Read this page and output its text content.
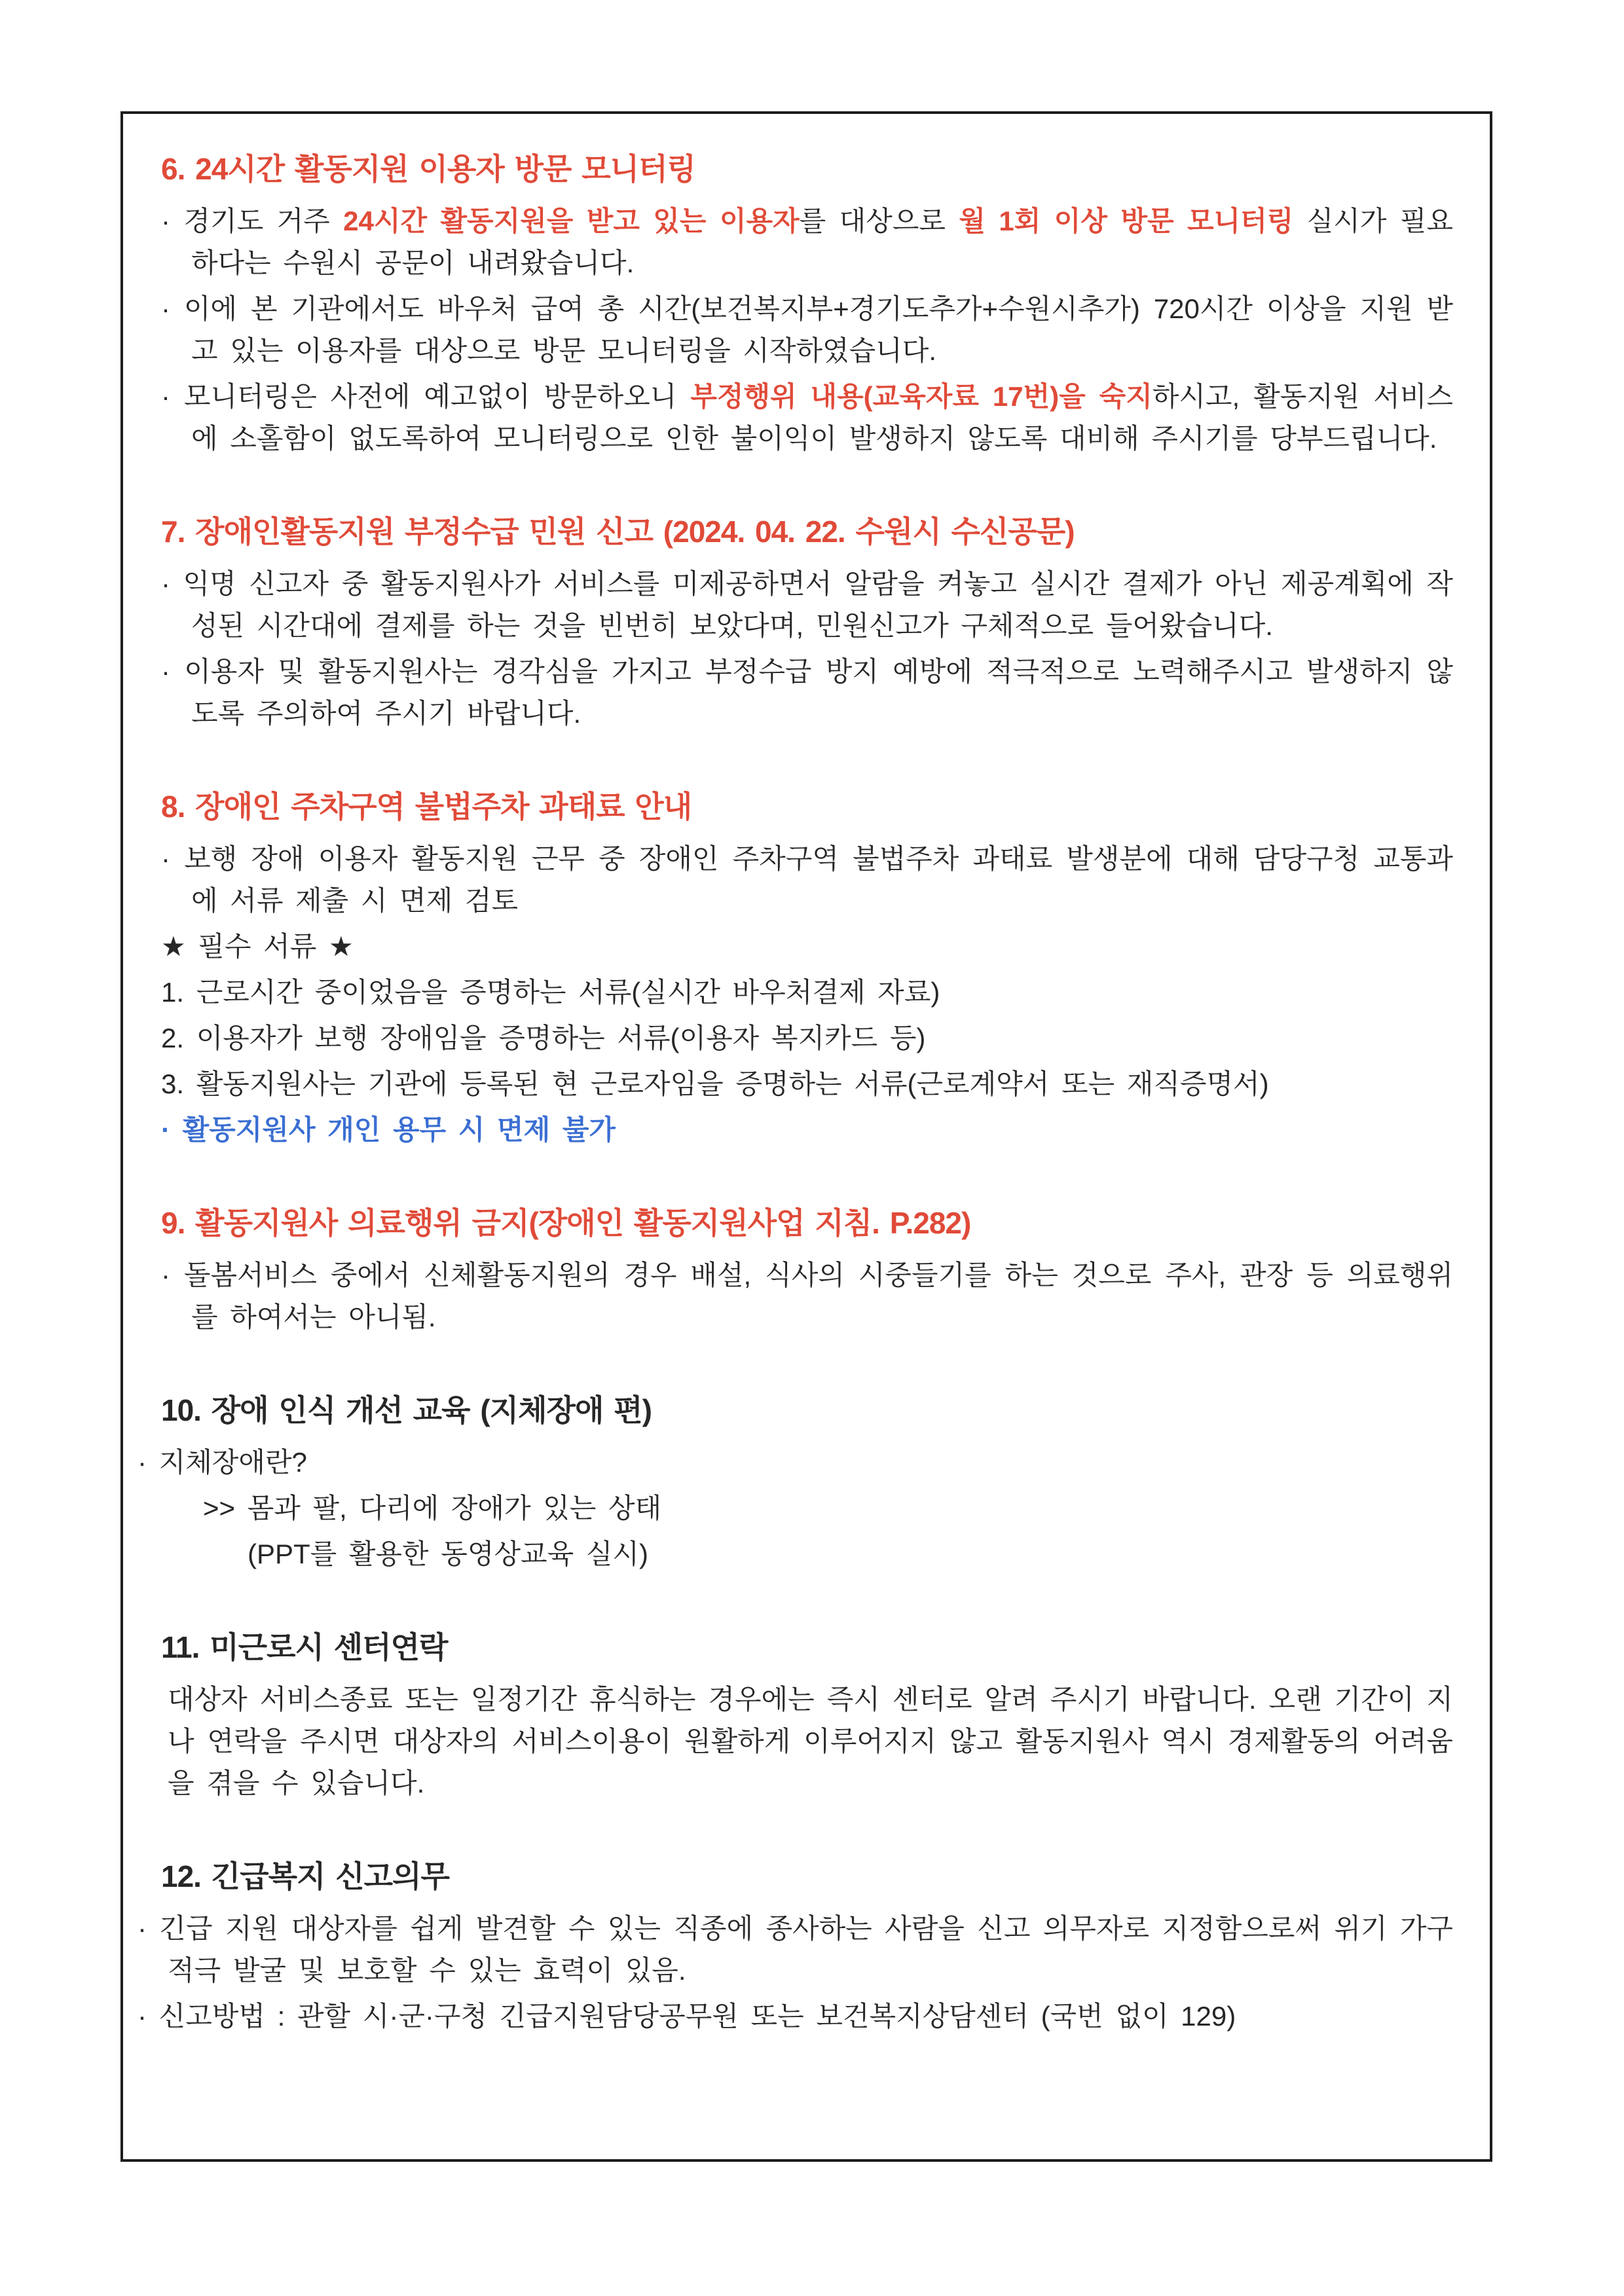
6. 24시간 활동지원 이용자 방문 모니터링

· 경기도 거주 24시간 활동지원을 받고 있는 이용자를 대상으로 월 1회 이상 방문 모니터링 실시가 필요하다는 수원시 공문이 내려왔습니다.

· 이에 본 기관에서도 바우처 급여 총 시간(보건복지부+경기도추가+수원시추가) 720시간 이상을 지원 받고 있는 이용자를 대상으로 방문 모니터링을 시작하였습니다.

· 모니터링은 사전에 예고없이 방문하오니 부정행위 내용(교육자료 17번)을 숙지하시고, 활동지원 서비스에 소홀함이 없도록하여 모니터링으로 인한 불이익이 발생하지 않도록 대비해 주시기를 당부드립니다.

7. 장애인활동지원 부정수급 민원 신고 (2024. 04. 22. 수원시 수신공문)

· 익명 신고자 중 활동지원사가 서비스를 미제공하면서 알람을 켜놓고 실시간 결제가 아닌 제공계획에 작성된 시간대에 결제를 하는 것을 빈번히 보았다며, 민원신고가 구체적으로 들어왔습니다.

· 이용자 및 활동지원사는 경각심을 가지고 부정수급 방지 예방에 적극적으로 노력해주시고 발생하지 않도록 주의하여 주시기 바랍니다.

8. 장애인 주차구역 불법주차 과태료 안내

· 보행 장애 이용자 활동지원 근무 중 장애인 주차구역 불법주차 과태료 발생분에 대해 담당구청 교통과에 서류 제출 시 면제 검토

★ 필수 서류 ★

1. 근로시간 중이었음을 증명하는 서류(실시간 바우처결제 자료)

2. 이용자가 보행 장애임을 증명하는 서류(이용자 복지카드 등)

3. 활동지원사는 기관에 등록된 현 근로자임을 증명하는 서류(근로계약서 또는 재직증명서)

· 활동지원사 개인 용무 시 면제 불가

9. 활동지원사 의료행위 금지(장애인 활동지원사업 지침. P.282)

· 돌봄서비스 중에서 신체활동지원의 경우 배설, 식사의 시중들기를 하는 것으로 주사, 관장 등 의료행위를 하여서는 아니됨.

10. 장애 인식 개선 교육 (지체장애 편)

· 지체장애란?

>> 몸과 팔, 다리에 장애가 있는 상태

(PPT를 활용한 동영상교육 실시)

11. 미근로시 센터연락

대상자 서비스종료 또는 일정기간 휴식하는 경우에는 즉시 센터로 알려 주시기 바랍니다. 오랜 기간이 지나 연락을 주시면 대상자의 서비스이용이 원활하게 이루어지지 않고 활동지원사 역시 경제활동의 어려움을 겪을 수 있습니다.

12. 긴급복지 신고의무

· 긴급 지원 대상자를 쉽게 발견할 수 있는 직종에 종사하는 사람을 신고 의무자로 지정함으로써 위기 가구 적극 발굴 및 보호할 수 있는 효력이 있음.

· 신고방법 : 관할 시·군·구청 긴급지원담당공무원 또는 보건복지상담센터 (국번 없이 129)
